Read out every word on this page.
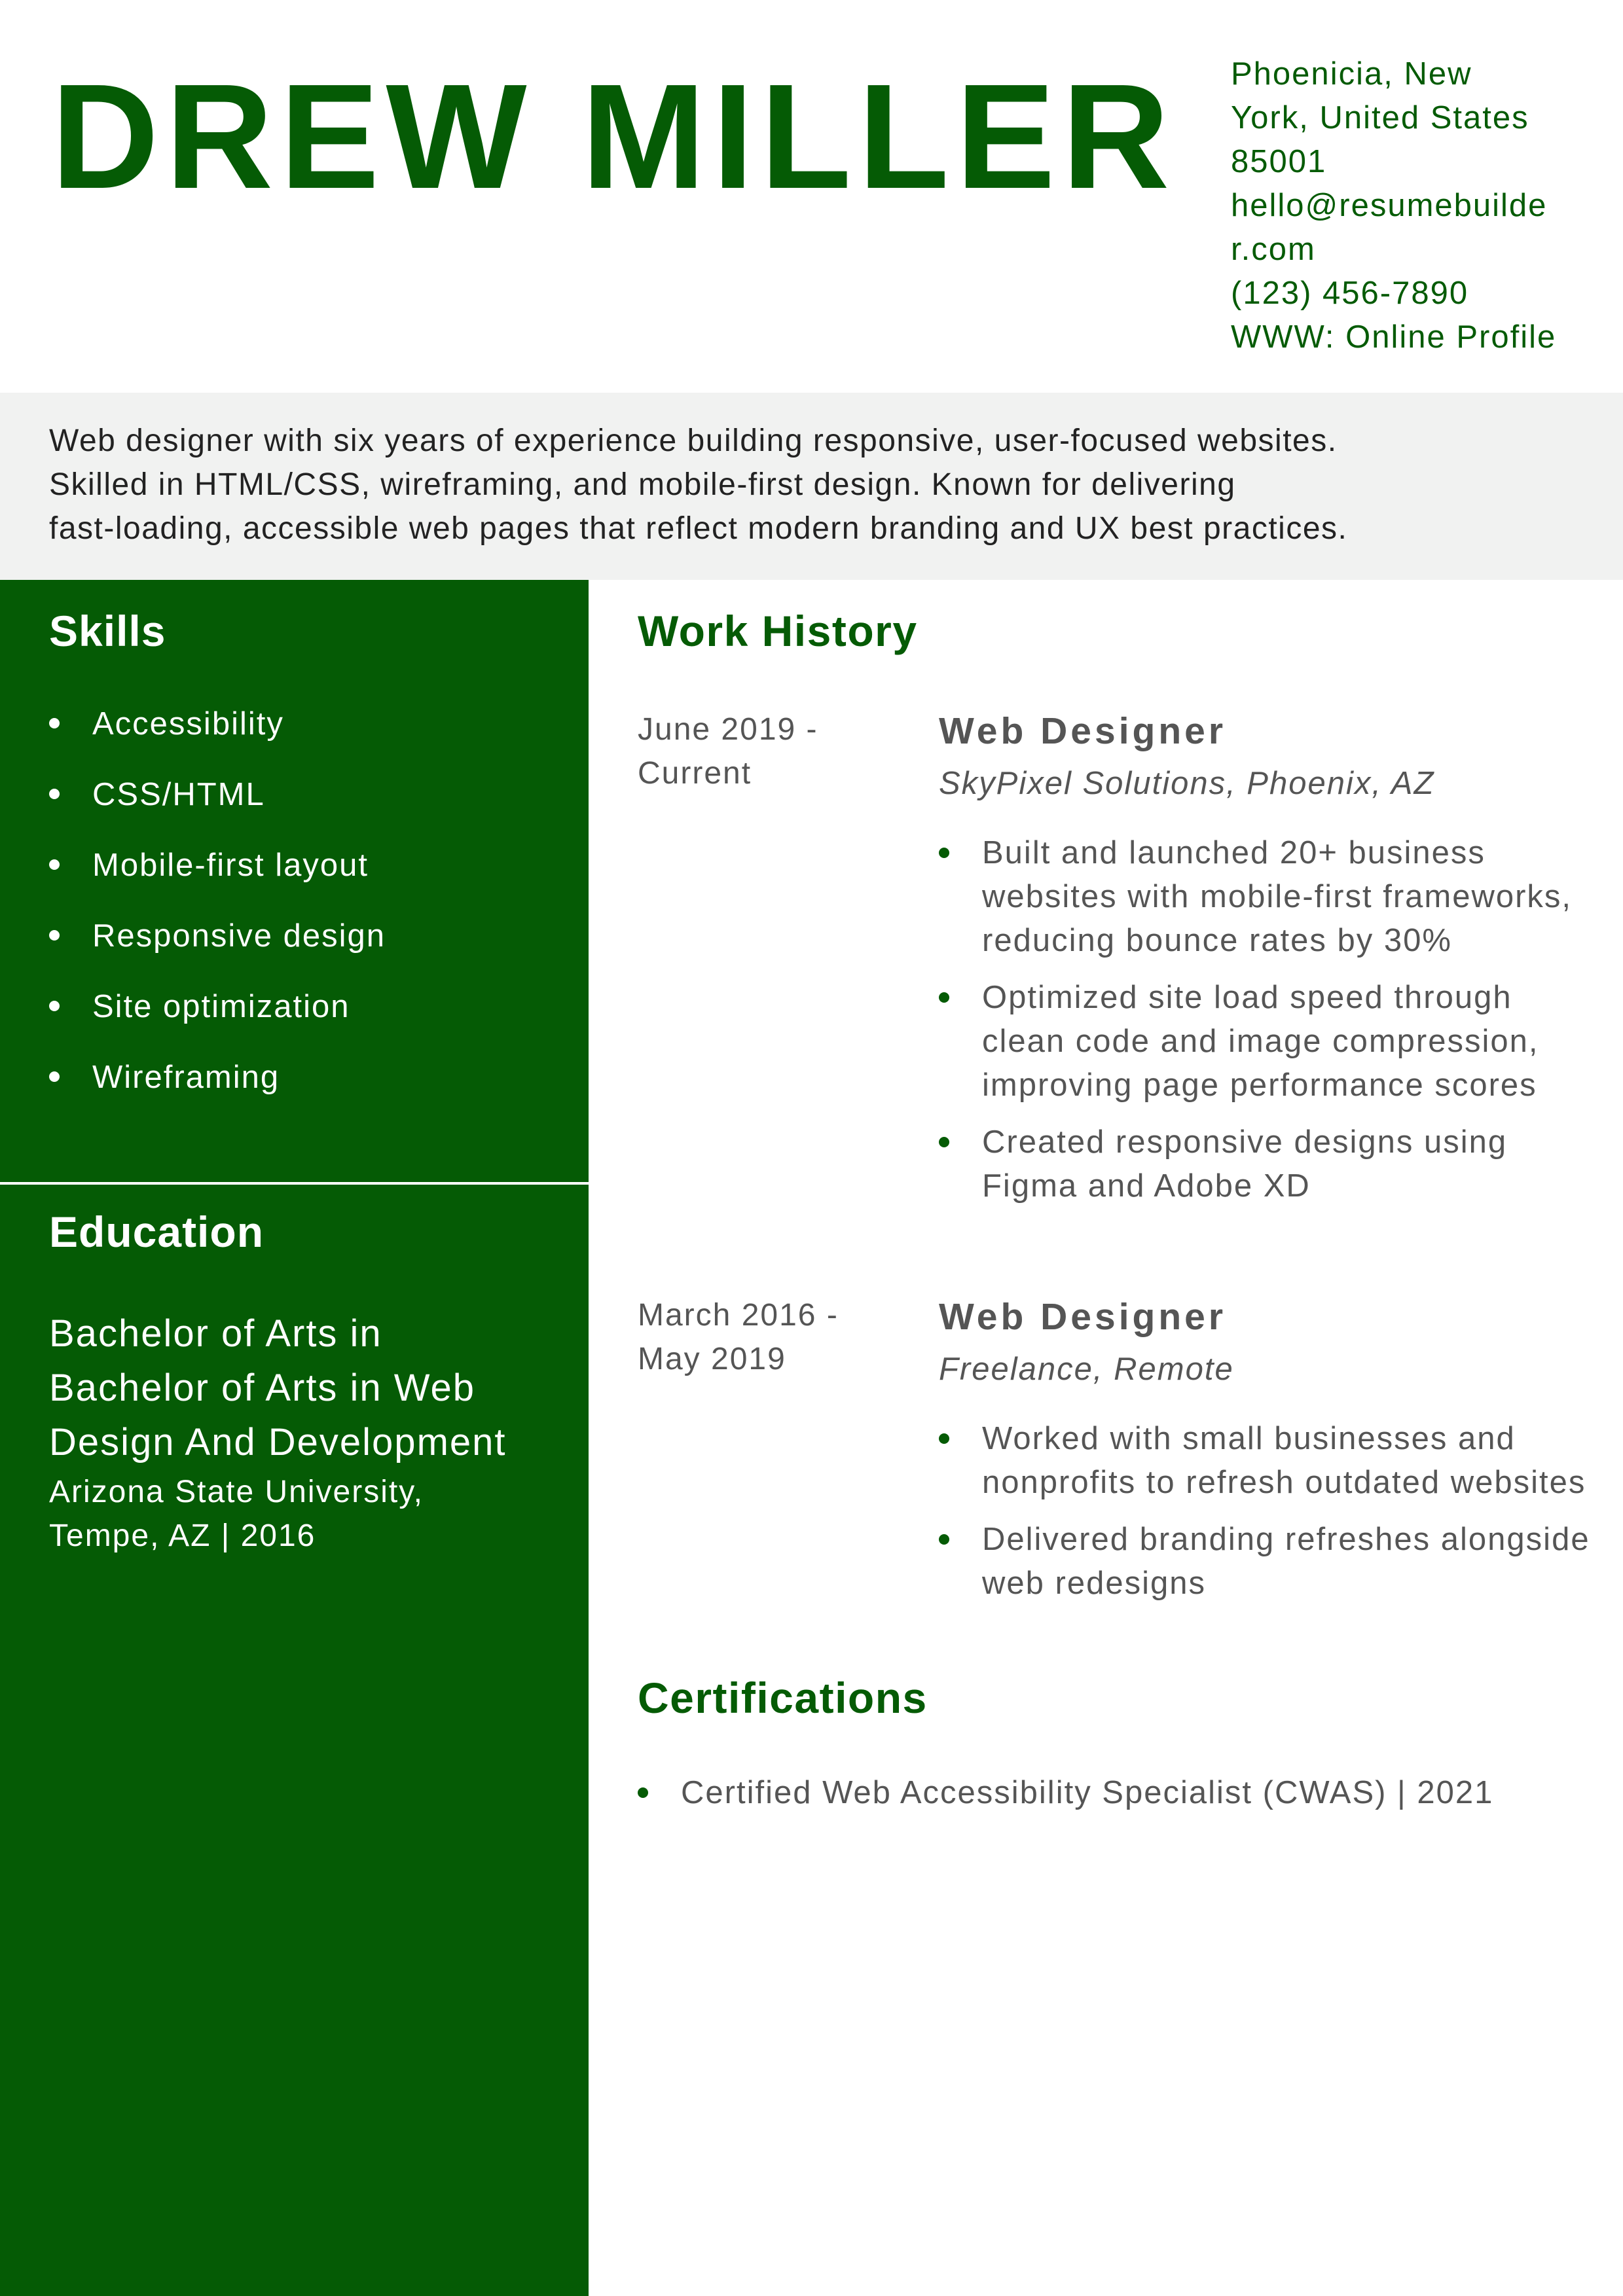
DREW MILLER Phoenicia, New
York, United States
85001
hello@resumebuilde
r.com
(123) 456-7890
WWW: Online Profile
Web designer with six years of experience building responsive, user-focused websites.
Skilled in HTML/CSS, wireframing, and mobile-first design. Known for delivering
fast-loading, accessible web pages that reflect modern branding and UX best practices.
Skills
Accessibility
CSS/HTML
Mobile-first layout
Responsive design
Site optimization
Wireframing
Education
Bachelor of Arts in
Bachelor of Arts in Web
Design And Development
Arizona State University,
Tempe, AZ | 2016
Work History
June 2019 -
Current
Web Designer
SkyPixel Solutions, Phoenix, AZ
Built and launched 20+ business websites with mobile-first frameworks, reducing bounce rates by 30%
Optimized site load speed through clean code and image compression, improving page performance scores
Created responsive designs using Figma and Adobe XD
March 2016 -
May 2019
Web Designer
Freelance, Remote
Worked with small businesses and nonprofits to refresh outdated websites
Delivered branding refreshes alongside web redesigns
Certifications
Certified Web Accessibility Specialist (CWAS) | 2021
